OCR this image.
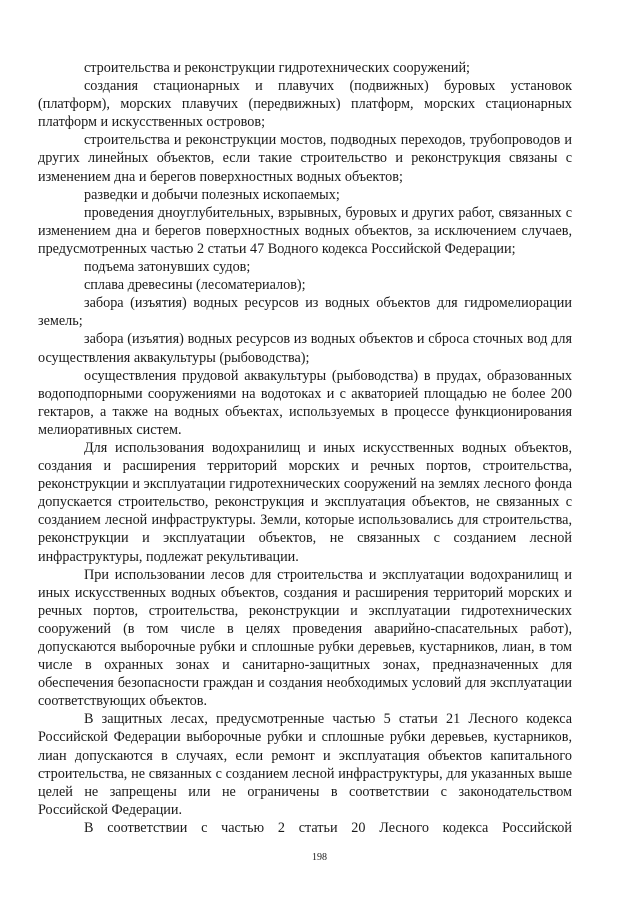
строительства и реконструкции гидротехнических сооружений;

создания стационарных и плавучих (подвижных) буровых установок (платформ), морских плавучих (передвижных) платформ, морских стационарных платформ и искусственных островов;

строительства и реконструкции мостов, подводных переходов, трубопроводов и других линейных объектов, если такие строительство и реконструкция связаны с изменением дна и берегов поверхностных водных объектов;

разведки и добычи полезных ископаемых;

проведения дноуглубительных, взрывных, буровых и других работ, связанных с изменением дна и берегов поверхностных водных объектов, за исключением случаев, предусмотренных частью 2 статьи 47 Водного кодекса Российской Федерации;

подъема затонувших судов;

сплава древесины (лесоматериалов);

забора (изъятия) водных ресурсов из водных объектов для гидромелиорации земель;

забора (изъятия) водных ресурсов из водных объектов и сброса сточных вод для осуществления аквакультуры (рыбоводства);

осуществления прудовой аквакультуры (рыбоводства) в прудах, образованных водоподпорными сооружениями на водотоках и с акваторией площадью не более 200 гектаров, а также на водных объектах, используемых в процессе функционирования мелиоративных систем.

Для использования водохранилищ и иных искусственных водных объектов, создания и расширения территорий морских и речных портов, строительства, реконструкции и эксплуатации гидротехнических сооружений на землях лесного фонда допускается строительство, реконструкция и эксплуатация объектов, не связанных с созданием лесной инфраструктуры. Земли, которые использовались для строительства, реконструкции и эксплуатации объектов, не связанных с созданием лесной инфраструктуры, подлежат рекультивации.

При использовании лесов для строительства и эксплуатации водохранилищ и иных искусственных водных объектов, создания и расширения территорий морских и речных портов, строительства, реконструкции и эксплуатации гидротехнических сооружений (в том числе в целях проведения аварийно-спасательных работ), допускаются выборочные рубки и сплошные рубки деревьев, кустарников, лиан, в том числе в охранных зонах и санитарно-защитных зонах, предназначенных для обеспечения безопасности граждан и создания необходимых условий для эксплуатации соответствующих объектов.

В защитных лесах, предусмотренные частью 5 статьи 21 Лесного кодекса Российской Федерации выборочные рубки и сплошные рубки деревьев, кустарников, лиан допускаются в случаях, если ремонт и эксплуатация объектов капитального строительства, не связанных с созданием лесной инфраструктуры, для указанных выше целей не запрещены или не ограничены в соответствии с законодательством Российской Федерации.

В соответствии с частью 2 статьи 20 Лесного кодекса Российской

198
